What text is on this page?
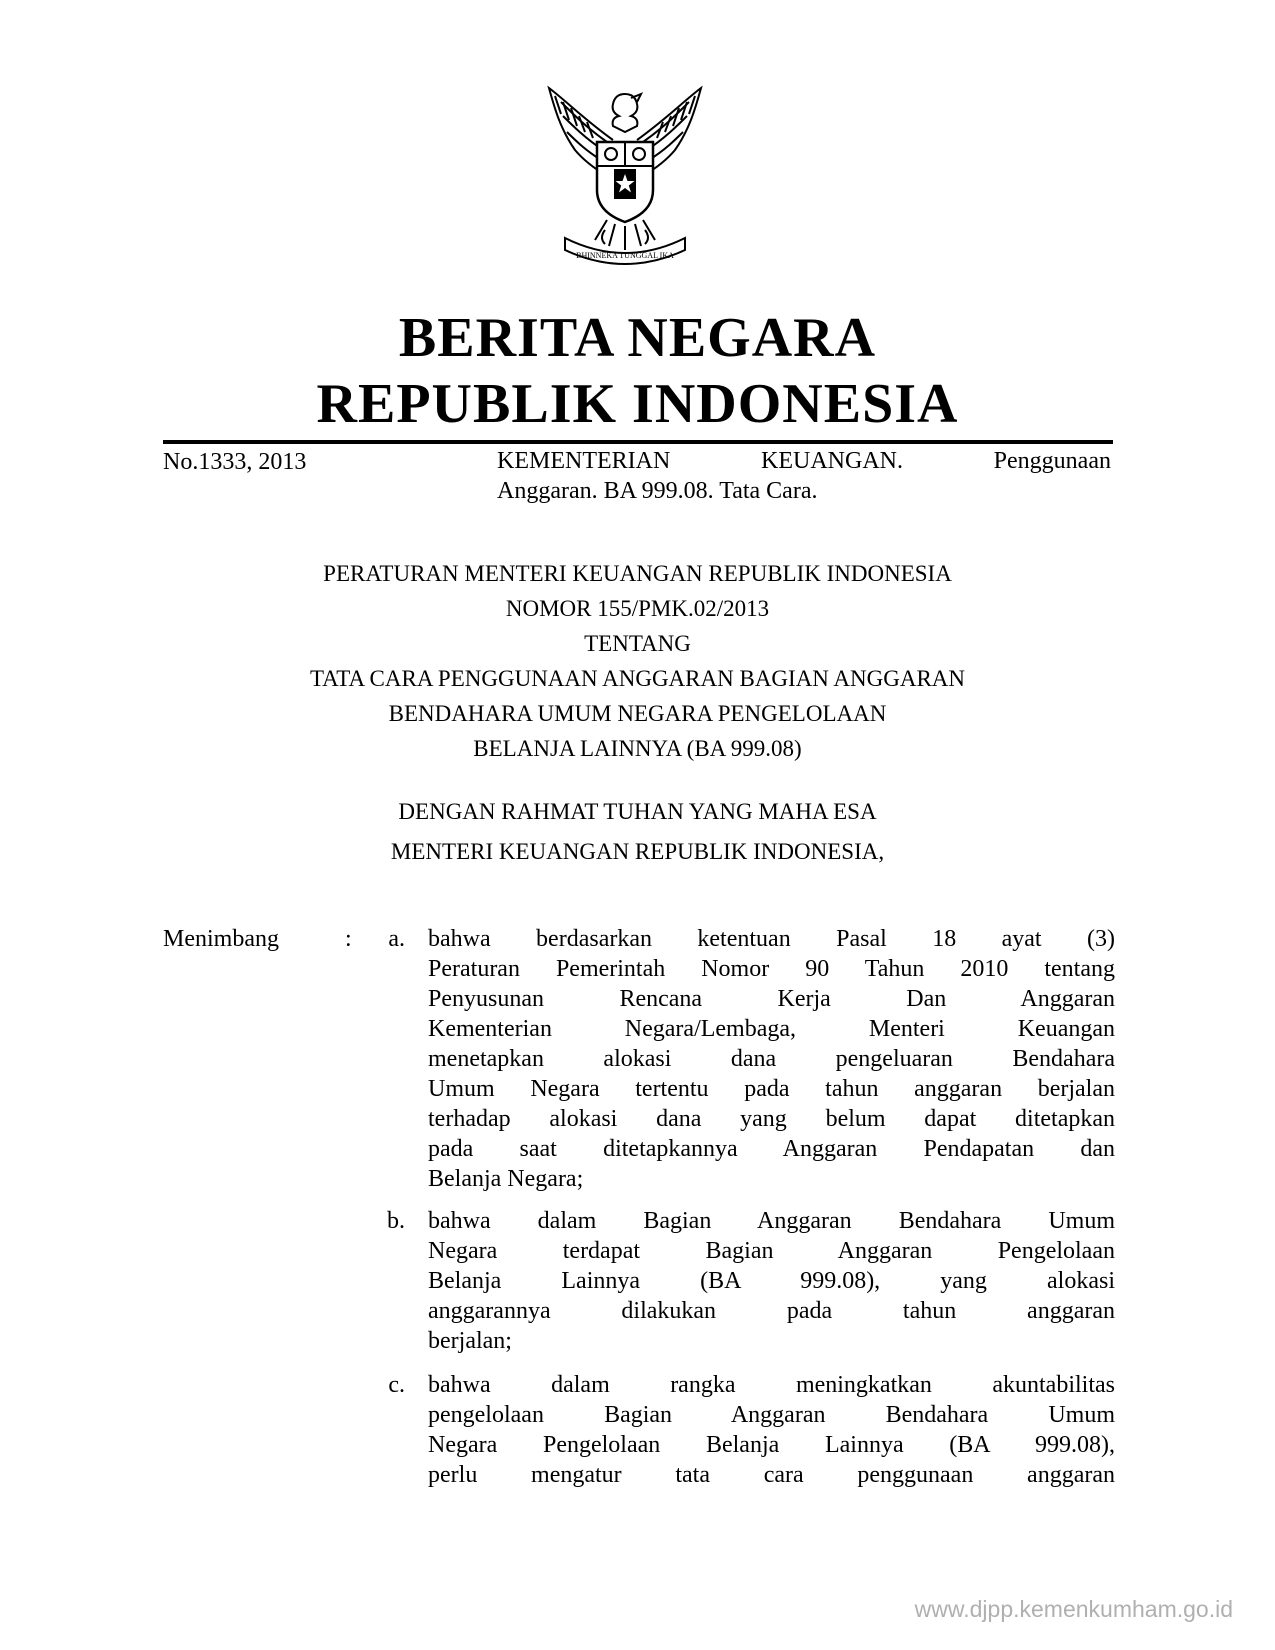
BHINNEKA TUNGGAL IKA
BERITA NEGARA
REPUBLIK INDONESIA
No.1333, 2013	KEMENTERIAN KEUANGAN. Penggunaan
Anggaran. BA 999.08. Tata Cara.
PERATURAN MENTERI KEUANGAN REPUBLIK INDONESIA
NOMOR 155/PMK.02/2013
TENTANG
TATA CARA PENGGUNAAN ANGGARAN BAGIAN ANGGARAN
BENDAHARA UMUM NEGARA PENGELOLAAN
BELANJA LAINNYA (BA 999.08)
DENGAN RAHMAT TUHAN YANG MAHA ESA
MENTERI KEUANGAN REPUBLIK INDONESIA,
Menimbang	:	a. bahwa berdasarkan ketentuan Pasal 18 ayat (3)
Peraturan Pemerintah Nomor 90 Tahun 2010 tentang
Penyusunan Rencana Kerja Dan Anggaran
Kementerian Negara/Lembaga, Menteri Keuangan
menetapkan alokasi dana pengeluaran Bendahara
Umum Negara tertentu pada tahun anggaran berjalan
terhadap alokasi dana yang belum dapat ditetapkan
pada saat ditetapkannya Anggaran Pendapatan dan
Belanja Negara;
b. bahwa dalam Bagian Anggaran Bendahara Umum
Negara terdapat Bagian Anggaran Pengelolaan
Belanja Lainnya (BA 999.08), yang alokasi
anggarannya dilakukan pada tahun anggaran
berjalan;
c. bahwa dalam rangka meningkatkan akuntabilitas
pengelolaan Bagian Anggaran Bendahara Umum
Negara Pengelolaan Belanja Lainnya (BA 999.08),
perlu mengatur tata cara penggunaan anggaran
www.djpp.kemenkumham.go.id
